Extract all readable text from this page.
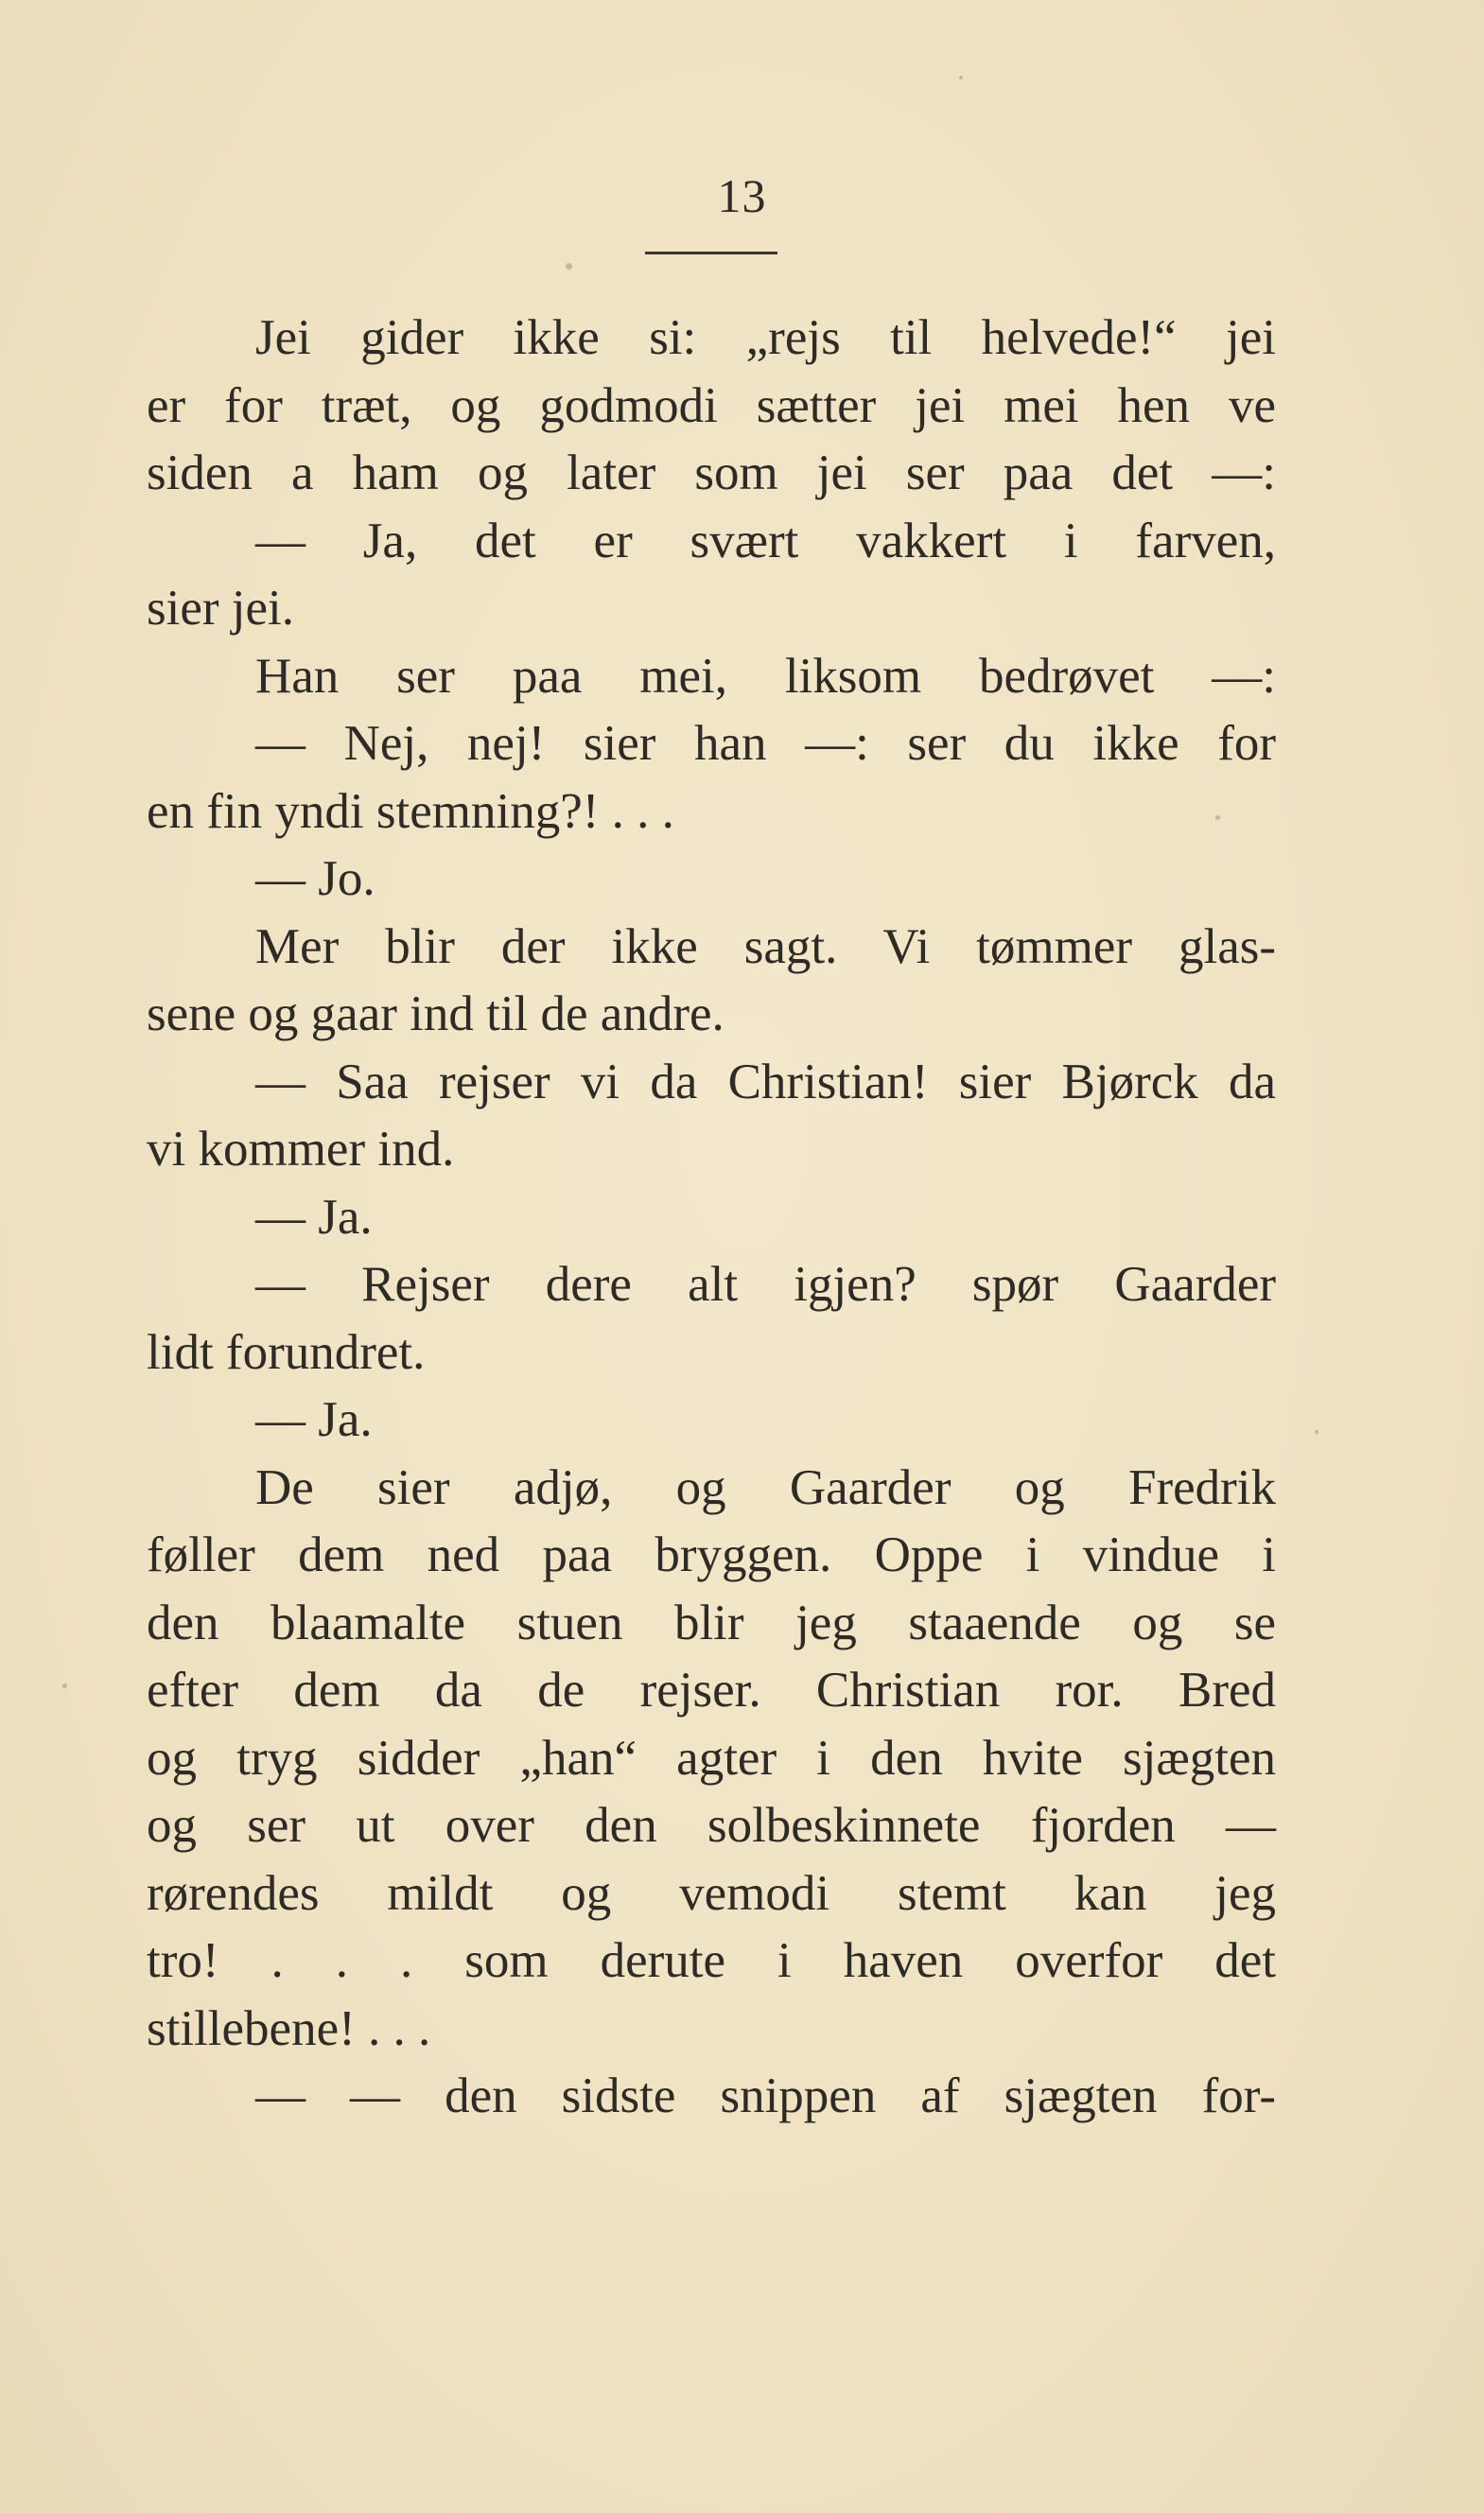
13
Jei gider ikke si: „rejs til helvede!“ jei
er for træt, og godmodi sætter jei mei hen ve
siden a ham og later som jei ser paa det —:
— Ja, det er svært vakkert i farven,
sier jei.
Han ser paa mei, liksom bedrøvet —:
— Nej, nej! sier han —: ser du ikke for
en fin yndi stemning?! . . .
— Jo.
Mer blir der ikke sagt. Vi tømmer glas-
sene og gaar ind til de andre.
— Saa rejser vi da Christian! sier Bjørck da
vi kommer ind.
— Ja.
— Rejser dere alt igjen? spør Gaarder
lidt forundret.
— Ja.
De sier adjø, og Gaarder og Fredrik
føller dem ned paa bryggen. Oppe i vindue i
den blaamalte stuen blir jeg staaende og se
efter dem da de rejser. Christian ror. Bred
og tryg sidder „han“ agter i den hvite sjægten
og ser ut over den solbeskinnete fjorden —
rørendes mildt og vemodi stemt kan jeg
tro! . . . som derute i haven overfor det
stillebene! . . .
— — den sidste snippen af sjægten for-
